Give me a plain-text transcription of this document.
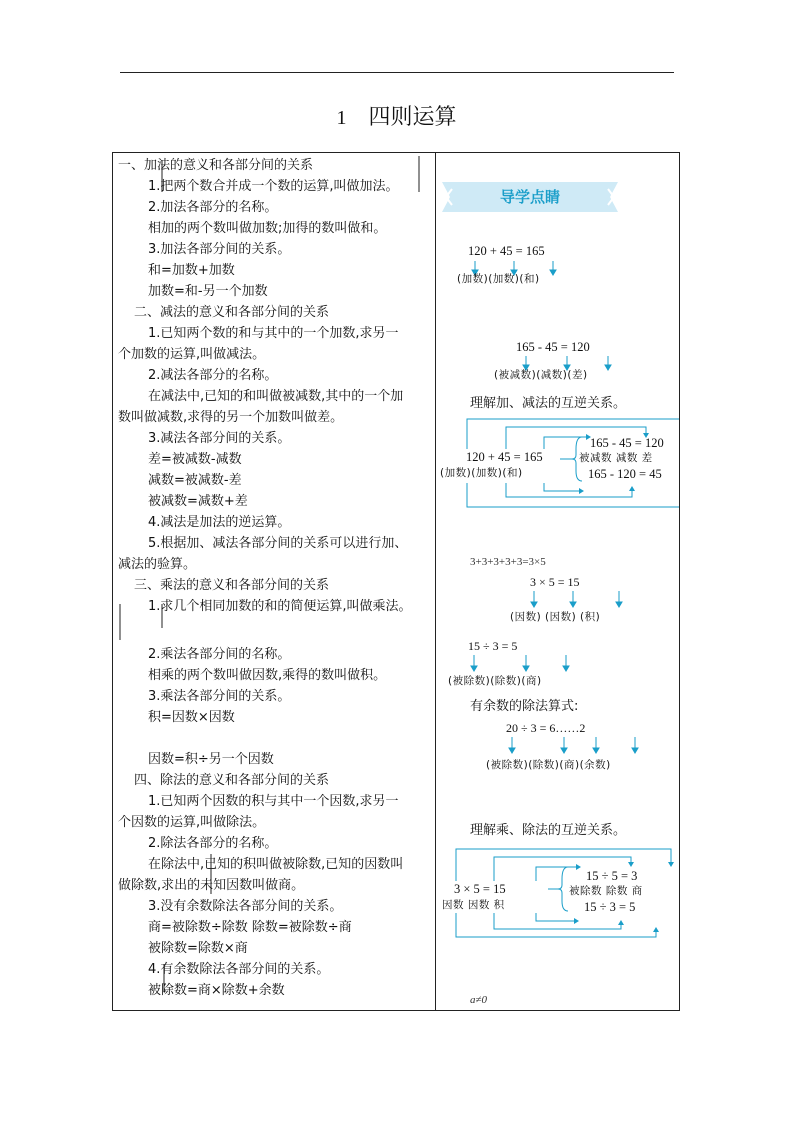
1 四则运算
一、加法的意义和各部分间的关系
1.把两个数合并成一个数的运算,叫做加法。
2.加法各部分的名称。
相加的两个数叫做加数;加得的数叫做和。
3.加法各部分间的关系。
和=加数+加数
加数=和-另一个加数
二、减法的意义和各部分间的关系
1.已知两个数的和与其中的一个加数,求另一
个加数的运算,叫做减法。
2.减法各部分的名称。
在减法中,已知的和叫做被减数,其中的一个加
数叫做减数,求得的另一个加数叫做差。
3.减法各部分间的关系。
差=被减数-减数
减数=被减数-差
被减数=减数+差
4.减法是加法的逆运算。
5.根据加、减法各部分间的关系可以进行加、
减法的验算。
三、乘法的意义和各部分间的关系
1.求几个相同加数的和的简便运算,叫做乘法。
2.乘法各部分间的名称。
相乘的两个数叫做因数,乘得的数叫做积。
3.乘法各部分间的关系。
积=因数×因数
因数=积÷另一个因数
四、除法的意义和各部分间的关系
1.已知两个因数的积与其中一个因数,求另一
个因数的运算,叫做除法。
2.除法各部分的名称。
在除法中,已知的积叫做被除数,已知的因数叫
做除数,求出的未知因数叫做商。
3.没有余数除法各部分间的关系。
商=被除数÷除数 除数=被除数÷商
被除数=除数×商
4.有余数除法各部分间的关系。
被除数=商×除数+余数
导学点睛
120 + 45 = 165
(加数)(加数)(和)
165 - 45 = 120
(被减数)(减数)(差)
理解加、减法的互逆关系。
120 + 45 = 165
(加数)(加数)(和)
165 - 45 = 120
被减数 减数 差
165 - 120 = 45
3+3+3+3+3=3×5
3 × 5 = 15
(因数) (因数) (积)
15 ÷ 3 = 5
(被除数)(除数)(商)
有余数的除法算式:
20 ÷ 3 = 6……2
(被除数)(除数)(商)(余数)
理解乘、除法的互逆关系。
3 × 5 = 15
因数 因数 积
15 ÷ 5 = 3
被除数 除数 商
15 ÷ 3 = 5
a≠0
